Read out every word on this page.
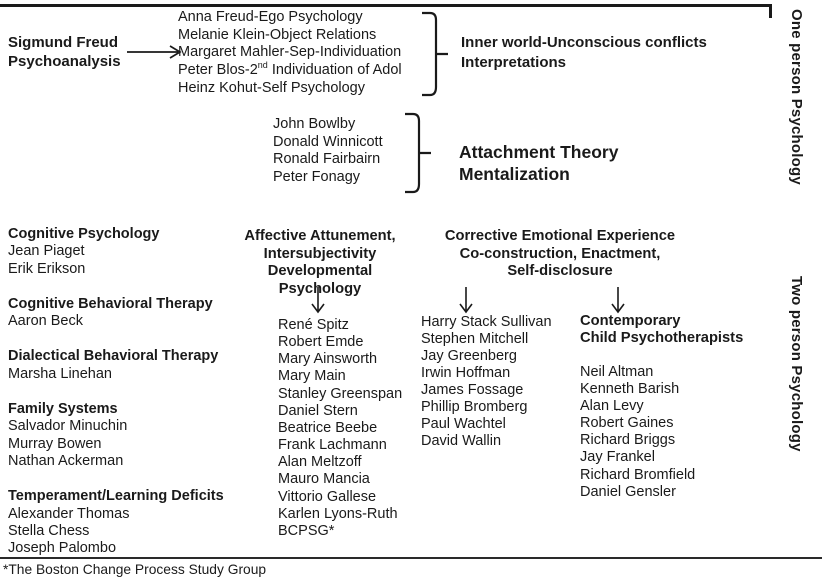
Sigmund Freud
Psychoanalysis
Anna Freud-Ego Psychology
Melanie Klein-Object Relations
Margaret Mahler-Sep-Individuation
Peter Blos-2nd Individuation of Adol
Heinz Kohut-Self Psychology
Inner world-Unconscious conflicts
Interpretations
John Bowlby
Donald Winnicott
Ronald Fairbairn
Peter Fonagy
Attachment Theory
Mentalization	One person Psychology
Two person Psychology
Cognitive Psychology
Jean Piaget
Erik Erikson
Cognitive Behavioral Therapy
Aaron Beck
Dialectical Behavioral Therapy
Marsha Linehan
Family Systems
Salvador Minuchin
Murray Bowen
Nathan Ackerman
Temperament/Learning Deficits
Alexander Thomas
Stella Chess
Joseph Palombo
Affective Attunement,
Intersubjectivity
Developmental Psychology
René Spitz
Robert Emde
Mary Ainsworth
Mary Main
Stanley Greenspan
Daniel Stern
Beatrice Beebe
Frank Lachmann
Alan Meltzoff
Mauro Mancia
Vittorio Gallese
Karlen Lyons-Ruth
BCPSG*
Corrective Emotional Experience
Co-construction, Enactment,
Self-disclosure
Harry Stack Sullivan
Stephen Mitchell
Jay Greenberg
Irwin Hoffman
James Fossage
Phillip Bromberg
Paul Wachtel
David Wallin
Contemporary
Child Psychotherapists
Neil Altman
Kenneth Barish
Alan Levy
Robert Gaines
Richard Briggs
Jay Frankel
Richard Bromfield
Daniel Gensler
*The Boston Change Process Study Group
